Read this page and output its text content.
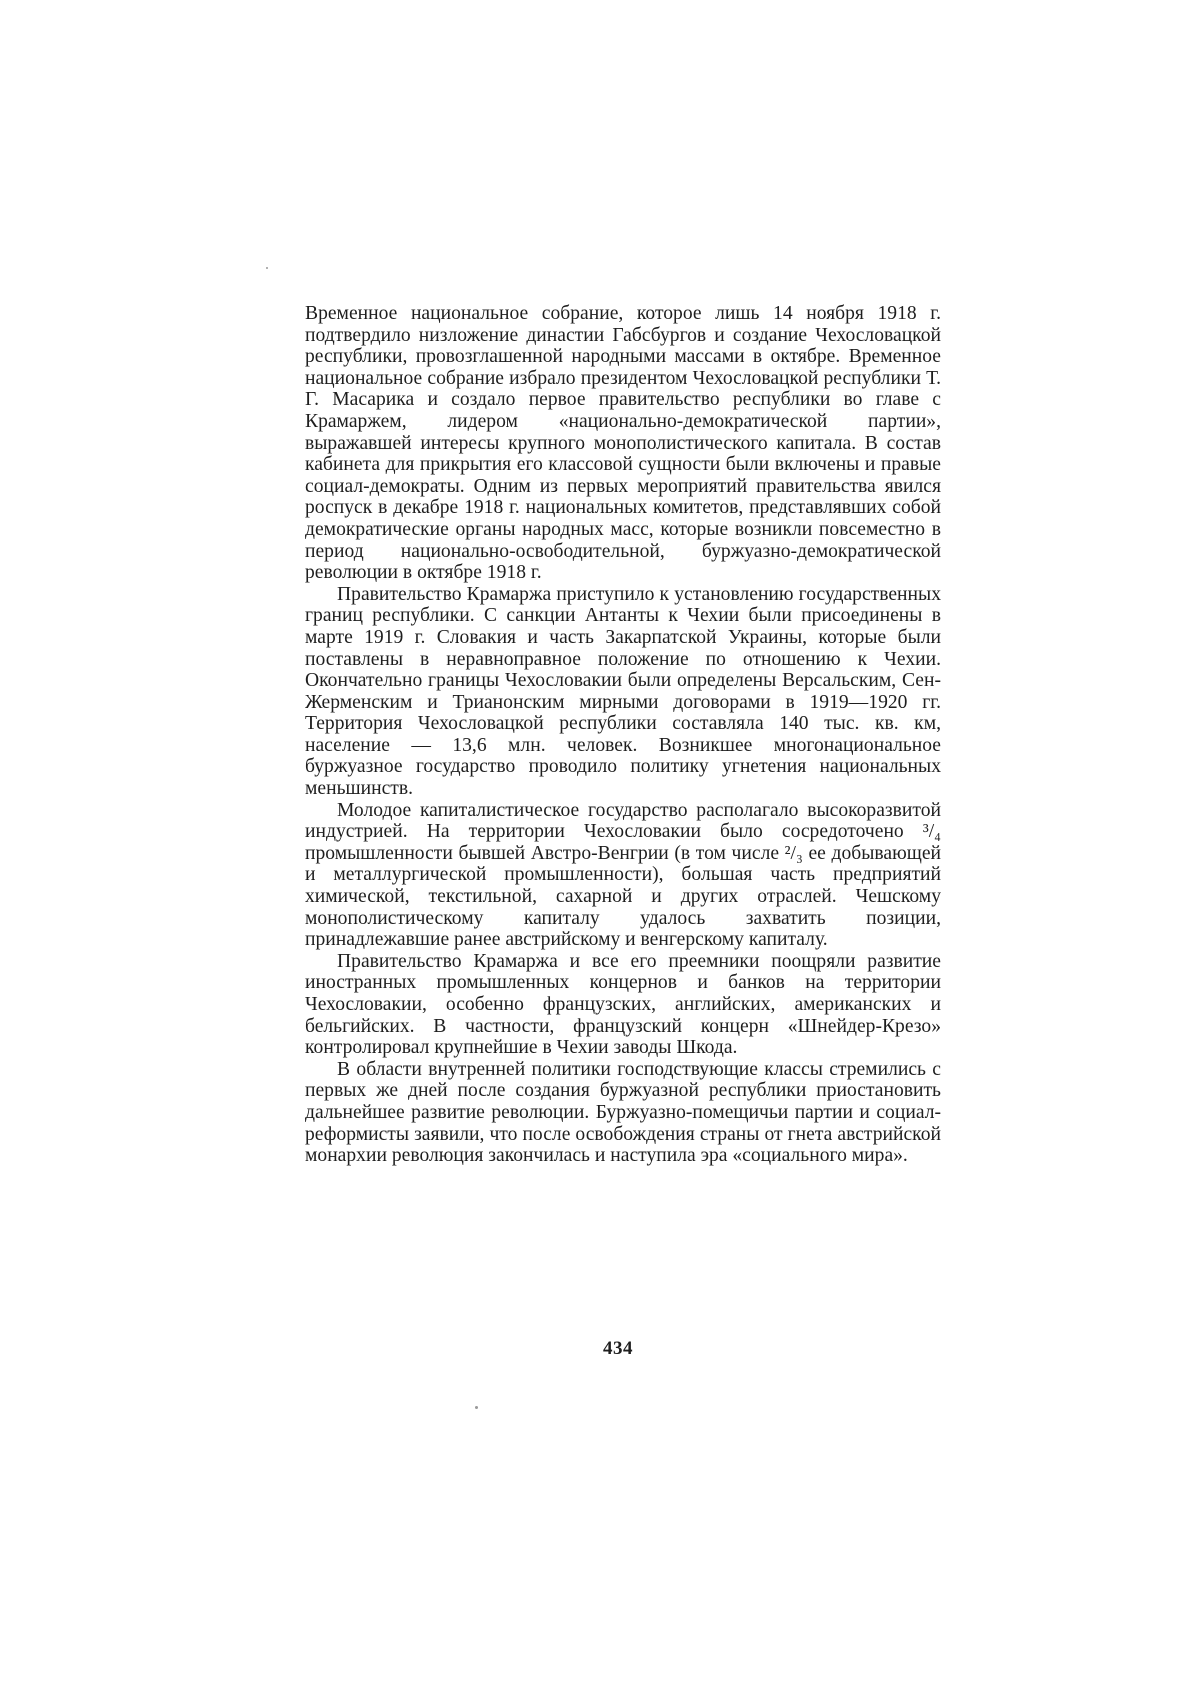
Временное национальное собрание, которое лишь 14 ноября 1918 г. подтвердило низложение династии Габсбургов и создание Чехословацкой республики, провозглашенной народными массами в октябре. Временное национальное собрание избрало президентом Чехословацкой республики Т. Г. Масарика и создало первое правительство республики во главе с Крамаржем, лидером «национально-демократической партии», выражавшей интересы крупного монополистического капитала. В состав кабинета для прикрытия его классовой сущности были включены и правые социал-демократы. Одним из первых мероприятий правительства явился роспуск в декабре 1918 г. национальных комитетов, представлявших собой демократические органы народных масс, которые возникли повсеместно в период национально-освободительной, буржуазно-демократической революции в октябре 1918 г.

Правительство Крамаржа приступило к установлению государственных границ республики. С санкции Антанты к Чехии были присоединены в марте 1919 г. Словакия и часть Закарпатской Украины, которые были поставлены в неравноправное положение по отношению к Чехии. Окончательно границы Чехословакии были определены Версальским, Сен-Жерменским и Трианонским мирными договорами в 1919—1920 гг. Территория Чехословацкой республики составляла 140 тыс. кв. км, население — 13,6 млн. человек. Возникшее многонациональное буржуазное государство проводило политику угнетения национальных меньшинств.

Молодое капиталистическое государство располагало высокоразвитой индустрией. На территории Чехословакии было сосредоточено ³/₄ промышленности бывшей Австро-Венгрии (в том числе ²/₃ ее добывающей и металлургической промышленности), большая часть предприятий химической, текстильной, сахарной и других отраслей. Чешскому монополистическому капиталу удалось захватить позиции, принадлежавшие ранее австрийскому и венгерскому капиталу.

Правительство Крамаржа и все его преемники поощряли развитие иностранных промышленных концернов и банков на территории Чехословакии, особенно французских, английских, американских и бельгийских. В частности, французский концерн «Шнейдер-Крезо» контролировал крупнейшие в Чехии заводы Шкода.

В области внутренней политики господствующие классы стремились с первых же дней после создания буржуазной республики приостановить дальнейшее развитие революции. Буржуазно-помещичьи партии и социал-реформисты заявили, что после освобождения страны от гнета австрийской монархии революция закончилась и наступила эра «социального мира».

434
